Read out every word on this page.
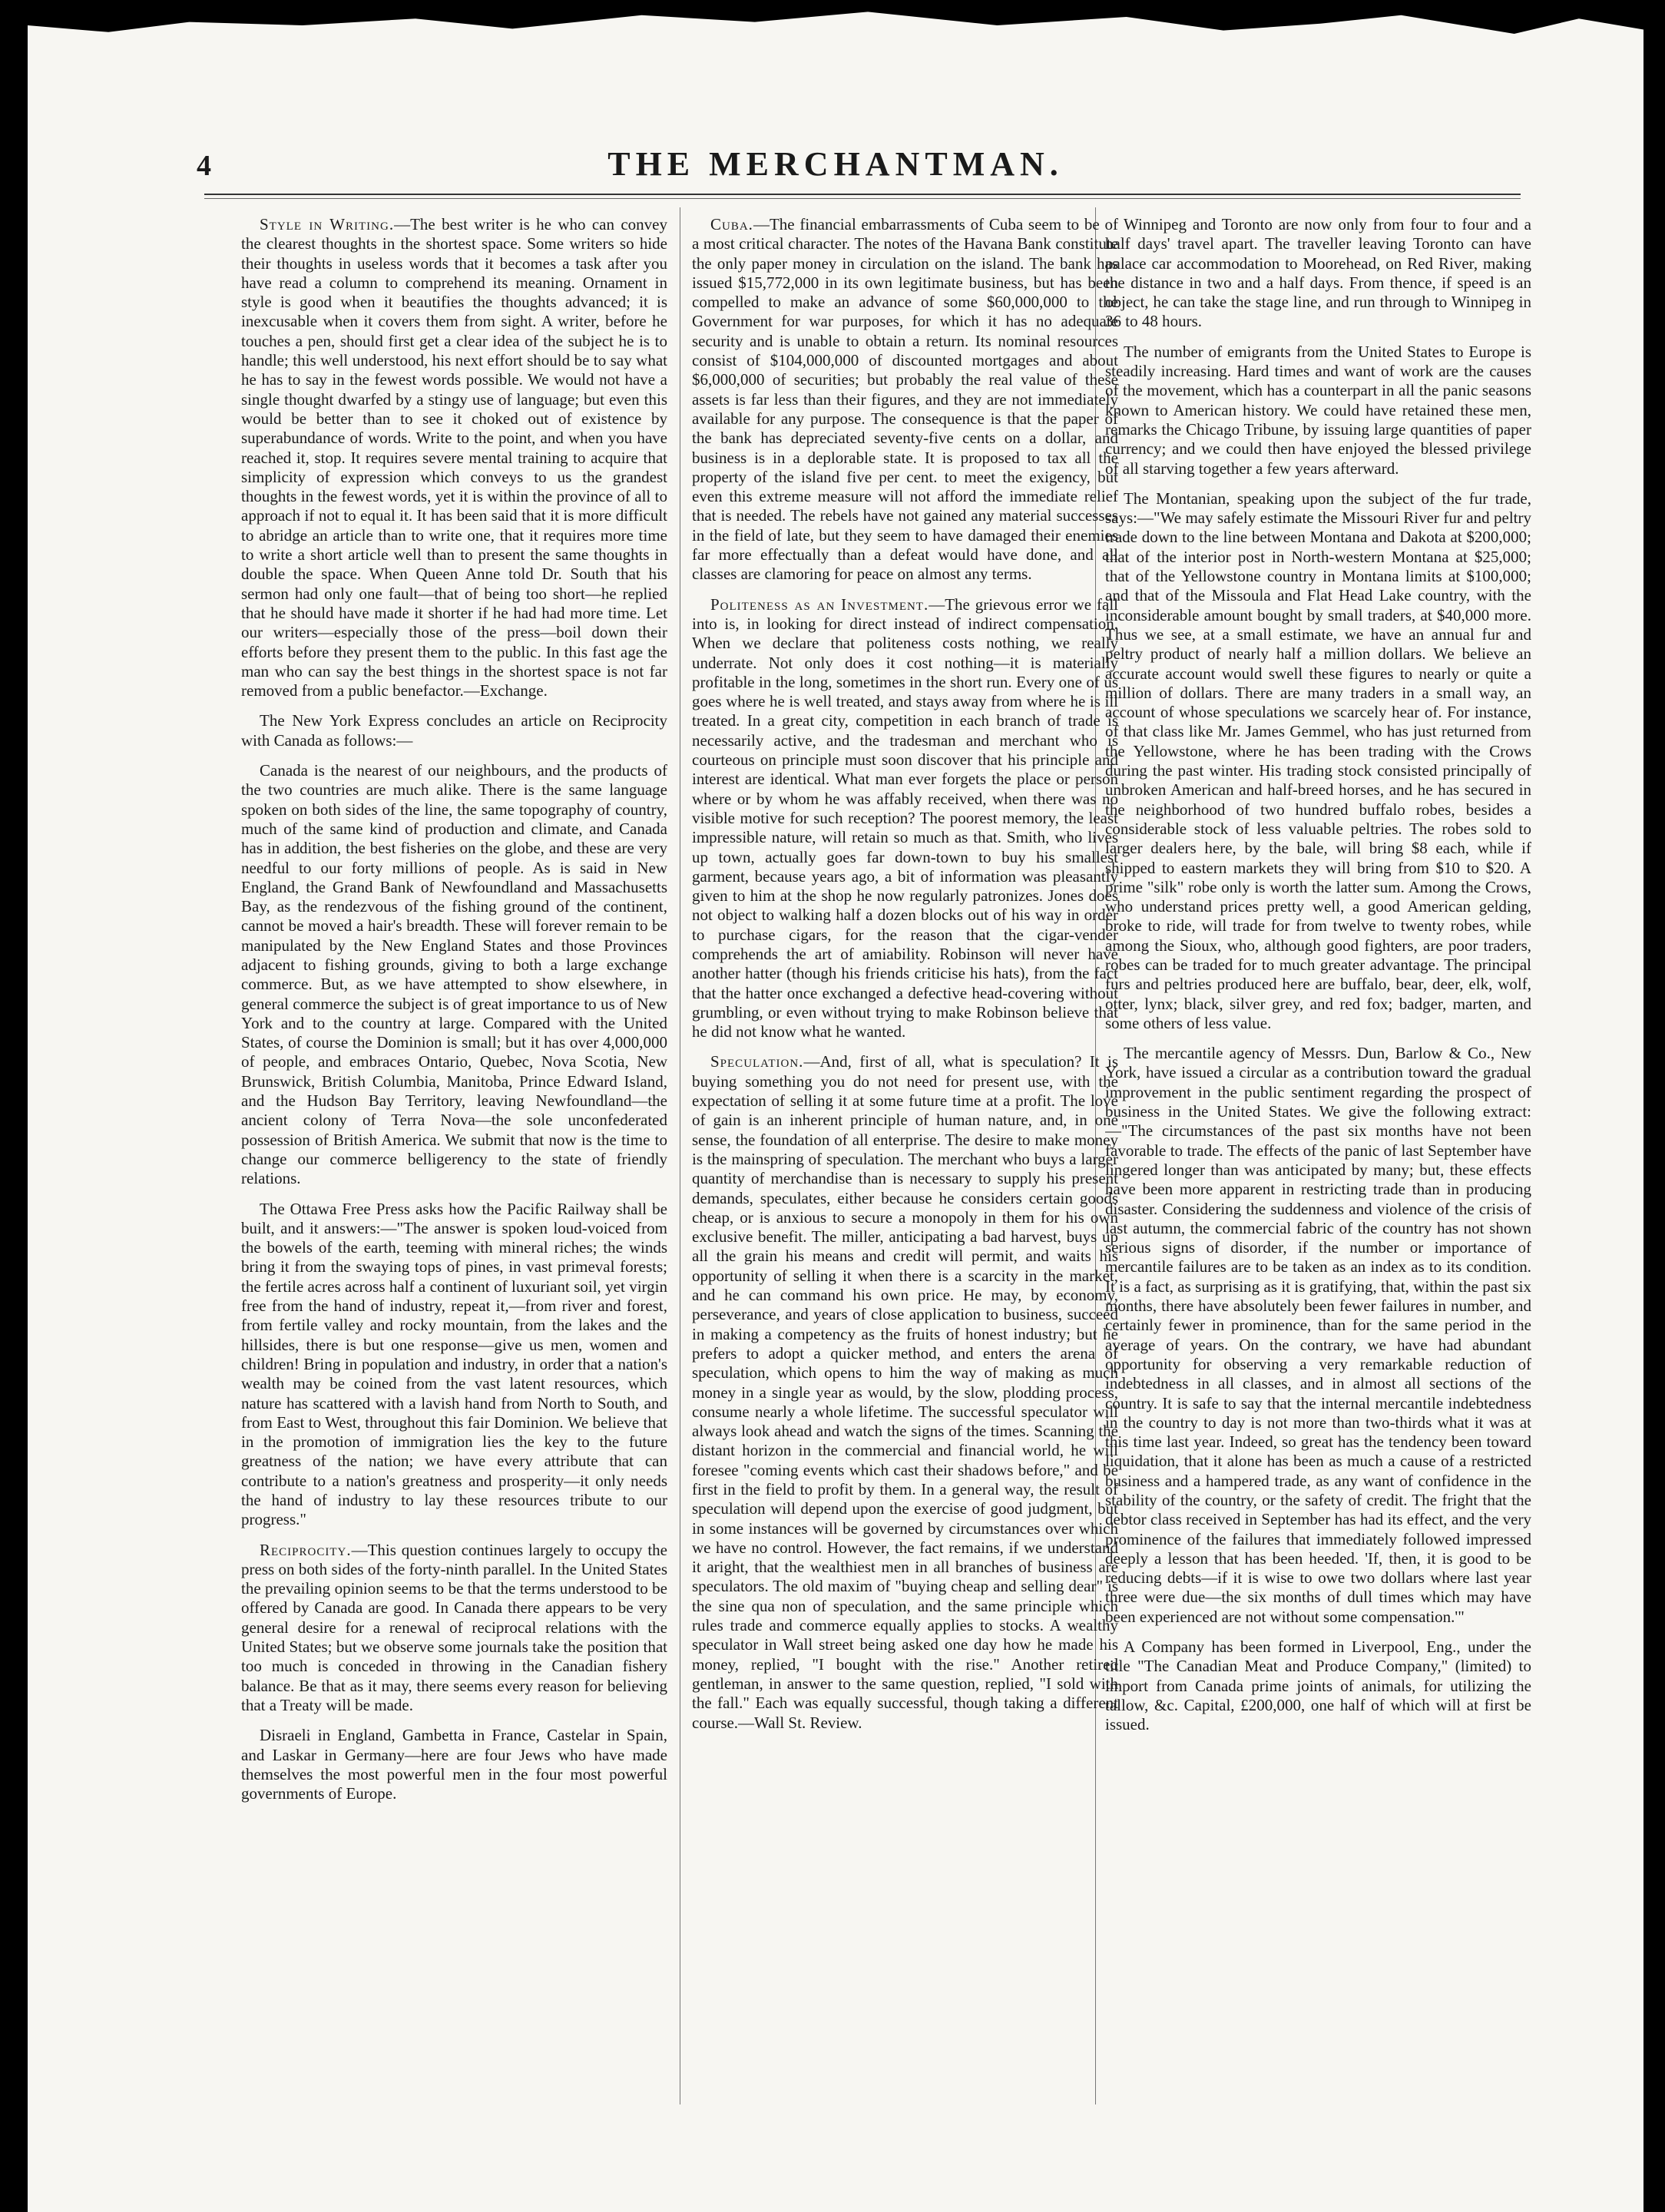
4	THE MERCHANTMAN.

Style in Writing.—The best writer is he who can convey the clearest thoughts in the shortest space. Some writers so hide their thoughts in useless words that it becomes a task after you have read a column to comprehend its meaning. Ornament in style is good when it beautifies the thoughts advanced; it is inexcusable when it covers them from sight. A writer, before he touches a pen, should first get a clear idea of the subject he is to handle; this well understood, his next effort should be to say what he has to say in the fewest words possible. We would not have a single thought dwarfed by a stingy use of language; but even this would be better than to see it choked out of existence by superabundance of words. Write to the point, and when you have reached it, stop. It requires severe mental training to acquire that simplicity of expression which conveys to us the grandest thoughts in the fewest words, yet it is within the province of all to approach if not to equal it. It has been said that it is more difficult to abridge an article than to write one, that it requires more time to write a short article well than to present the same thoughts in double the space. When Queen Anne told Dr. South that his sermon had only one fault—that of being too short—he replied that he should have made it shorter if he had had more time. Let our writers—especially those of the press—boil down their efforts before they present them to the public. In this fast age the man who can say the best things in the shortest space is not far removed from a public benefactor.—Exchange.

The New York Express concludes an article on Reciprocity with Canada as follows:—

Canada is the nearest of our neighbours, and the products of the two countries are much alike. There is the same language spoken on both sides of the line, the same topography of country, much of the same kind of production and climate, and Canada has in addition, the best fisheries on the globe, and these are very needful to our forty millions of people. As is said in New England, the Grand Bank of Newfoundland and Massachusetts Bay, as the rendezvous of the fishing ground of the continent, cannot be moved a hair's breadth. These will forever remain to be manipulated by the New England States and those Provinces adjacent to fishing grounds, giving to both a large exchange commerce. But, as we have attempted to show elsewhere, in general commerce the subject is of great importance to us of New York and to the country at large. Compared with the United States, of course the Dominion is small; but it has over 4,000,000 of people, and embraces Ontario, Quebec, Nova Scotia, New Brunswick, British Columbia, Manitoba, Prince Edward Island, and the Hudson Bay Territory, leaving Newfoundland—the ancient colony of Terra Nova—the sole unconfederated possession of British America. We submit that now is the time to change our commerce belligerency to the state of friendly relations.

The Ottawa Free Press asks how the Pacific Railway shall be built, and it answers:—"The answer is spoken loud-voiced from the bowels of the earth, teeming with mineral riches; the winds bring it from the swaying tops of pines, in vast primeval forests; the fertile acres across half a continent of luxuriant soil, yet virgin free from the hand of industry, repeat it,—from river and forest, from fertile valley and rocky mountain, from the lakes and the hillsides, there is but one response—give us men, women and children! Bring in population and industry, in order that a nation's wealth may be coined from the vast latent resources, which nature has scattered with a lavish hand from North to South, and from East to West, throughout this fair Dominion. We believe that in the promotion of immigration lies the key to the future greatness of the nation; we have every attribute that can contribute to a nation's greatness and prosperity—it only needs the hand of industry to lay these resources tribute to our progress."

Reciprocity.—This question continues largely to occupy the press on both sides of the forty-ninth parallel. In the United States the prevailing opinion seems to be that the terms understood to be offered by Canada are good. In Canada there appears to be very general desire for a renewal of reciprocal relations with the United States; but we observe some journals take the position that too much is conceded in throwing in the Canadian fishery balance. Be that as it may, there seems every reason for believing that a Treaty will be made.

Disraeli in England, Gambetta in France, Castelar in Spain, and Laskar in Germany—here are four Jews who have made themselves the most powerful men in the four most powerful governments of Europe.

Cuba.—The financial embarrassments of Cuba seem to be of a most critical character. The notes of the Havana Bank constitute the only paper money in circulation on the island. The bank has issued $15,772,000 in its own legitimate business, but has been compelled to make an advance of some $60,000,000 to the Government for war purposes, for which it has no adequate security and is unable to obtain a return. Its nominal resources consist of $104,000,000 of discounted mortgages and about $6,000,000 of securities; but probably the real value of these assets is far less than their figures, and they are not immediately available for any purpose. The consequence is that the paper of the bank has depreciated seventy-five cents on a dollar, and business is in a deplorable state. It is proposed to tax all the property of the island five per cent. to meet the exigency, but even this extreme measure will not afford the immediate relief that is needed. The rebels have not gained any material successes in the field of late, but they seem to have damaged their enemies far more effectually than a defeat would have done, and all classes are clamoring for peace on almost any terms.

Politeness as an Investment.—The grievous error we fall into is, in looking for direct instead of indirect compensation. When we declare that politeness costs nothing, we really underrate. Not only does it cost nothing—it is materially profitable in the long, sometimes in the short run. Every one of us goes where he is well treated, and stays away from where he is ill treated. In a great city, competition in each branch of trade is necessarily active, and the tradesman and merchant who is courteous on principle must soon discover that his principle and interest are identical. What man ever forgets the place or person where or by whom he was affably received, when there was no visible motive for such reception? The poorest memory, the least impressible nature, will retain so much as that. Smith, who lives up town, actually goes far down-town to buy his smallest garment, because years ago, a bit of information was pleasantly given to him at the shop he now regularly patronizes. Jones does not object to walking half a dozen blocks out of his way in order to purchase cigars, for the reason that the cigar-vender comprehends the art of amiability. Robinson will never have another hatter (though his friends criticise his hats), from the fact that the hatter once exchanged a defective head-covering without grumbling, or even without trying to make Robinson believe that he did not know what he wanted.

Speculation.—And, first of all, what is speculation? It is buying something you do not need for present use, with the expectation of selling it at some future time at a profit. The love of gain is an inherent principle of human nature, and, in one sense, the foundation of all enterprise. The desire to make money is the mainspring of speculation. The merchant who buys a larger quantity of merchandise than is necessary to supply his present demands, speculates, either because he considers certain goods cheap, or is anxious to secure a monopoly in them for his own exclusive benefit. The miller, anticipating a bad harvest, buys up all the grain his means and credit will permit, and waits his opportunity of selling it when there is a scarcity in the market, and he can command his own price. He may, by economy, perseverance, and years of close application to business, succeed in making a competency as the fruits of honest industry; but he prefers to adopt a quicker method, and enters the arena of speculation, which opens to him the way of making as much money in a single year as would, by the slow, plodding process, consume nearly a whole lifetime. The successful speculator will always look ahead and watch the signs of the times. Scanning the distant horizon in the commercial and financial world, he will foresee "coming events which cast their shadows before," and be first in the field to profit by them. In a general way, the result of speculation will depend upon the exercise of good judgment, but in some instances will be governed by circumstances over which we have no control. However, the fact remains, if we understand it aright, that the wealthiest men in all branches of business are speculators. The old maxim of "buying cheap and selling dear" is the sine qua non of speculation, and the same principle which rules trade and commerce equally applies to stocks. A wealthy speculator in Wall street being asked one day how he made his money, replied, "I bought with the rise." Another retired gentleman, in answer to the same question, replied, "I sold with the fall." Each was equally successful, though taking a different course.—Wall St. Review.

Winnipeg and Toronto are now only from four to four and a half days' travel apart. The traveller leaving Toronto can have palace car accommodation to Moorehead, on Red River, making the distance in two and a half days. From thence, if speed is an object, he can take the stage line, and run through to Winnipeg in 36 to 48 hours.

The number of emigrants from the United States to Europe is steadily increasing. Hard times and want of work are the causes of the movement, which has a counterpart in all the panic seasons known to American history. We could have retained these men, remarks the Chicago Tribune, by issuing large quantities of paper currency; and we could then have enjoyed the blessed privilege of all starving together a few years afterward.

The Montanian, speaking upon the subject of the fur trade, says:—"We may safely estimate the Missouri River fur and peltry trade down to the line between Montana and Dakota at $200,000; that of the interior post in North-western Montana at $25,000; that of the Yellowstone country in Montana limits at $100,000; and that of the Missoula and Flat Head Lake country, with the inconsiderable amount bought by small traders, at $40,000 more. Thus we see, at a small estimate, we have an annual fur and peltry product of nearly half a million dollars. We believe an accurate account would swell these figures to nearly or quite a million of dollars. There are many traders in a small way, an account of whose speculations we scarcely hear of. For instance, of that class like Mr. James Gemmel, who has just returned from the Yellowstone, where he has been trading with the Crows during the past winter. His trading stock consisted principally of unbroken American and half-breed horses, and he has secured in the neighborhood of two hundred buffalo robes, besides a considerable stock of less valuable peltries. The robes sold to larger dealers here, by the bale, will bring $8 each, while if shipped to eastern markets they will bring from $10 to $20. A prime "silk" robe only is worth the latter sum. Among the Crows, who understand prices pretty well, a good American gelding, broke to ride, will trade for from twelve to twenty robes, while among the Sioux, who, although good fighters, are poor traders, robes can be traded for to much greater advantage. The principal furs and peltries produced here are buffalo, bear, deer, elk, wolf, otter, lynx; black, silver grey, and red fox; badger, marten, and some others of less value.

The mercantile agency of Messrs. Dun, Barlow & Co., New York, have issued a circular as a contribution toward the gradual improvement in the public sentiment regarding the prospect of business in the United States. We give the following extract:—"The circumstances of the past six months have not been favorable to trade. The effects of the panic of last September have lingered longer than was anticipated by many; but, these effects have been more apparent in restricting trade than in producing disaster. Considering the suddenness and violence of the crisis of last autumn, the commercial fabric of the country has not shown serious signs of disorder, if the number or importance of mercantile failures are to be taken as an index as to its condition. It is a fact, as surprising as it is gratifying, that, within the past six months, there have absolutely been fewer failures in number, and certainly fewer in prominence, than for the same period in the average of years. On the contrary, we have had abundant opportunity for observing a very remarkable reduction of indebtedness in all classes, and in almost all sections of the country. It is safe to say that the internal mercantile indebtedness in the country to day is not more than two-thirds what it was at this time last year. Indeed, so great has the tendency been toward liquidation, that it alone has been as much a cause of a restricted business and a hampered trade, as any want of confidence in the stability of the country, or the safety of credit. The fright that the debtor class received in September has had its effect, and the very prominence of the failures that immediately followed impressed deeply a lesson that has been heeded. 'If, then, it is good to be reducing debts—if it is wise to owe two dollars where last year three were due—the six months of dull times which may have been experienced are not without some compensation.'"

A Company has been formed in Liverpool, Eng., under the title "The Canadian Meat and Produce Company," (limited) to import from Canada prime joints of animals, for utilizing the tallow, &c. Capital, £200,000, one half of which will at first be issued.
